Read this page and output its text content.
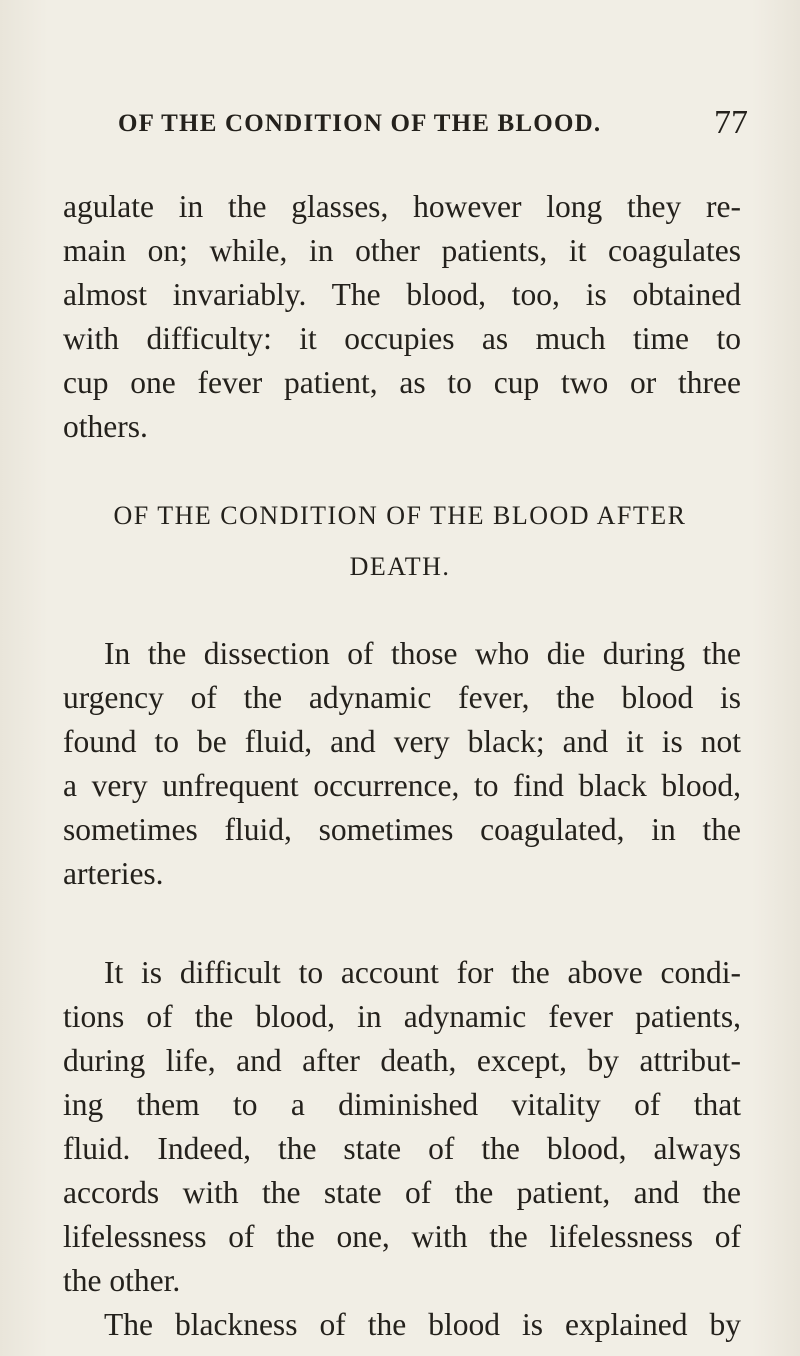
OF THE CONDITION OF THE BLOOD.	77
agulate in the glasses, however long they re-
main on; while, in other patients, it coagulates
almost invariably. The blood, too, is obtained
with difficulty: it occupies as much time to
cup one fever patient, as to cup two or three
others.
OF THE CONDITION OF THE BLOOD AFTER
DEATH.
In the dissection of those who die during the
urgency of the adynamic fever, the blood is
found to be fluid, and very black; and it is not
a very unfrequent occurrence, to find black blood,
sometimes fluid, sometimes coagulated, in the
arteries.
It is difficult to account for the above condi-
tions of the blood, in adynamic fever patients,
during life, and after death, except, by attribut-
ing them to a diminished vitality of that
fluid. Indeed, the state of the blood, always
accords with the state of the patient, and the
lifelessness of the one, with the lifelessness of
the other.
The blackness of the blood is explained by
